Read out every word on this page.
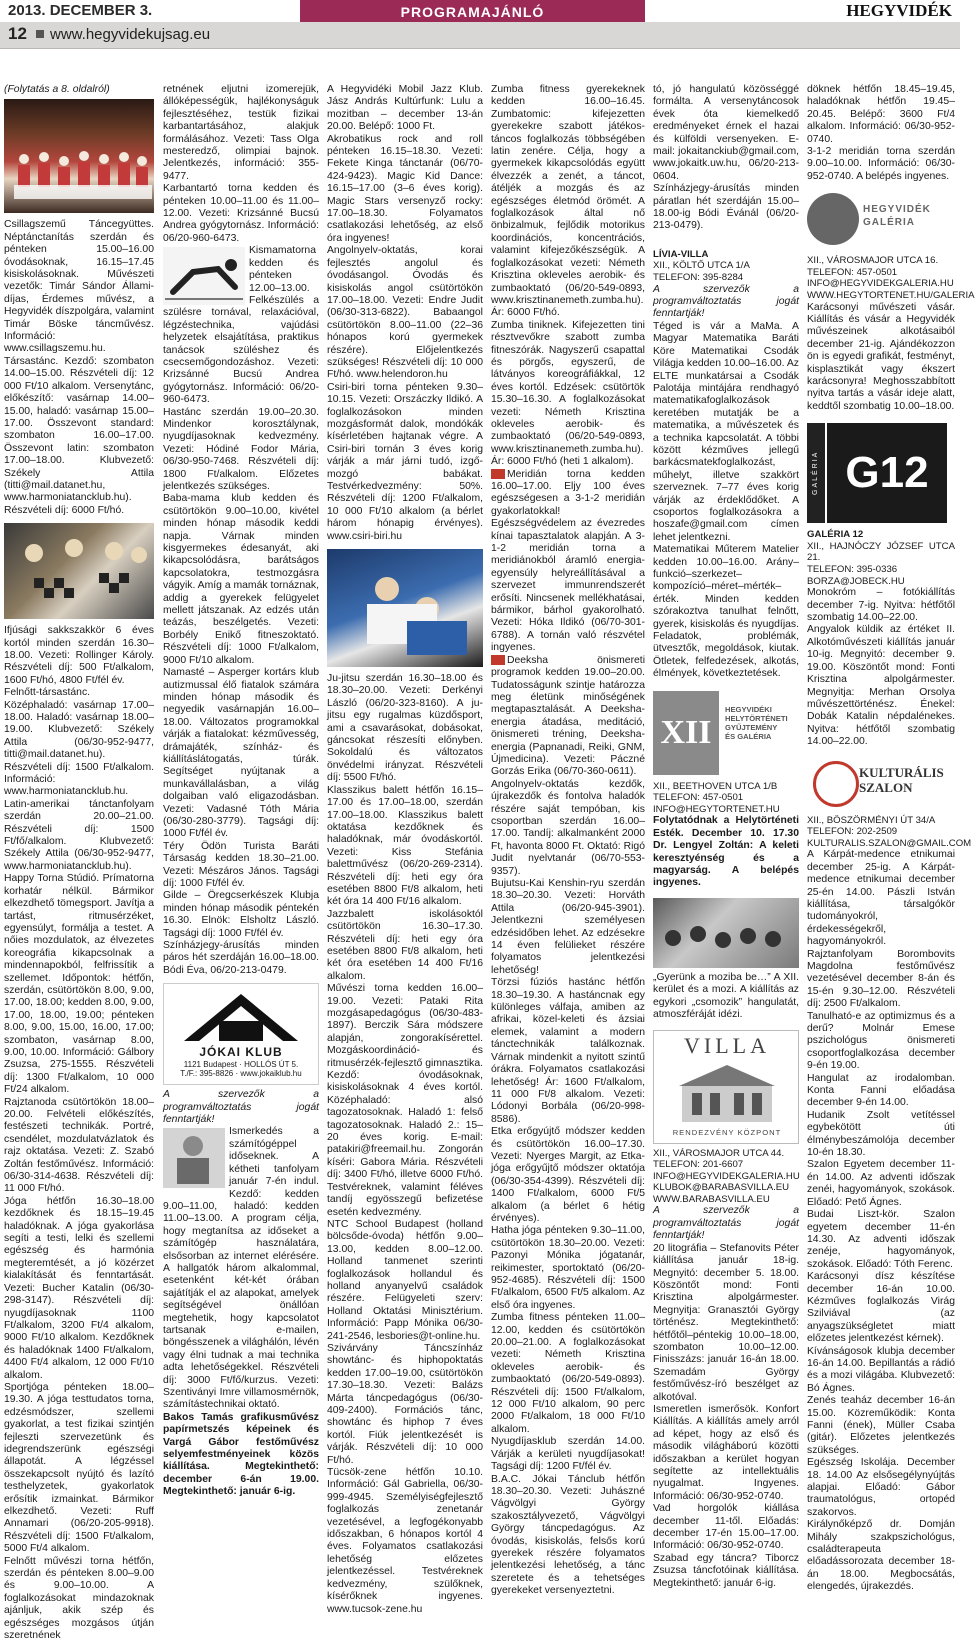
2013. DECEMBER 3.	PROGRAMAJÁNLÓ	HEGYVIDÉK
12 www.hegyvidekujsag.eu

(Folytatás a 8. oldalról)

Csillagszemű Táncegyüttes. Néptánctanítás szerdán és pénteken 15.00–16.00 óvodásoknak, 16.15–17.45 kisiskolásoknak. Művészeti vezetők: Timár Sándor Állami-díjas, Érdemes művész, a Hegyvidék díszpolgára, valamint Timár Böske táncművész. Információ: www.csillagszemu.hu.

Társastánc. Kezdő: szombaton 14.00–15.00. Részvételi díj: 12 000 Ft/10 alkalom. Versenytánc, előkészítő: vasárnap 14.00–15.00, haladó: vasárnap 15.00–17.00. Összevont standard: szombaton 16.00–17.00. Összevont latin: szombaton 17.00–18.00. Klubvezető: Székely Attila (titti@mail.datanet.hu, www.harmoniatancklub.hu). Részvételi díj: 6000 Ft/hó.

Ifjúsági sakkszakkör 6 éves kortól minden szerdán 16.30–18.00. Vezeti: Rollinger Károly. Részvételi díj: 500 Ft/alkalom, 1600 Ft/hó, 4800 Ft/fél év.

Felnőtt-társastánc. Középhaladó: vasárnap 17.00–18.00. Haladó: vasárnap 18.00–19.00. Klubvezető: Székely Attila (06/30-952-9477, titti@mail.datanet.hu). Részvételi díj: 1500 Ft/alkalom. Információ: www.harmoniatancklub.hu.

Latin-amerikai tánctanfolyam szerdán 20.00–21.00. Részvételi díj: 1500 Ft/fő/alkalom. Klubvezető: Székely Attila (06/30-952-9477, www.harmoniatancklub.hu).

Happy Torna Stúdió. Prímatorna korhatár nélkül. Bármikor elkezdhető tömegsport. Javítja a tartást, ritmusérzéket, egyensúlyt, formálja a testet. A nőies mozdulatok, az élvezetes koreográfia kikapcsolnak a mindennapokból, felfrissítik a szellemet. Időpontok: hétfőn, szerdán, csütörtökön 8.00, 9.00, 17.00, 18.00; kedden 8.00, 9.00, 17.00, 18.00, 19.00; pénteken 8.00, 9.00, 15.00, 16.00, 17.00; szombaton, vasárnap 8.00, 9.00, 10.00. Információ: Gálbory Zsuzsa, 275-1555. Részvételi díj: 1300 Ft/alkalom, 10 000 Ft/24 alkalom.

Rajztanoda csütörtökön 18.00–20.00. Felvételi előkészítés, festészeti technikák. Portré, csendélet, mozdulatvázlatok és rajz oktatása. Vezeti: Z. Szabó Zoltán festőművész. Információ: 06/30-314-4638. Részvételi díj: 11 000 Ft/hó.

Jóga hétfőn 16.30–18.00 kezdőknek és 18.15–19.45 haladóknak. A jóga gyakorlása segíti a testi, lelki és szellemi egészség és harmónia megteremtését, a jó közérzet kialakítását és fenntartását. Vezeti: Bucher Katalin (06/30-298-3147). Részvételi díj: nyugdíjasoknak 1100 Ft/alkalom, 3200 Ft/4 alkalom, 9000 Ft/10 alkalom. Kezdőknek és haladóknak 1400 Ft/alkalom, 4400 Ft/4 alkalom, 12 000 Ft/10 alkalom.

Sportjóga pénteken 18.00–19.30. A jóga testtudatos torna, edzésmódszer, szellemi gyakorlat, a test fizikai szintjén fejleszti szervezetünk és idegrendszerünk egészségi állapotát. A légzéssel összekapcsolt nyújtó és lazító testhelyzetek, gyakorlatok erősítik izmainkat. Bármikor elkezdhető. Vezeti: Ruff Annamari (06/20-205-9918). Részvételi díj: 1500 Ft/alkalom, 5000 Ft/4 alkalom.

Felnőtt művészi torna hétfőn, szerdán és pénteken 8.00–9.00 és 9.00–10.00. A foglalkozásokat mindazoknak ajánljuk, akik szép és egészséges mozgásos útján szeretnének

retnének eljutni izomerejük, állóképességük, hajlékonyságuk fejlesztéséhez, testük fizikai karbantartásához, alakjuk formálásához. Vezeti: Tass Olga mesteredző, olimpiai bajnok. Jelentkezés, információ: 355-9477.

Karbantartó torna kedden és pénteken 10.00–11.00 és 11.00–12.00. Vezeti: Krizsánné Bucsú Andrea gyógytornász. Információ: 06/20-960-6473.

Kismamatorna kedden és pénteken 12.00–13.00. Felkészülés a szülésre tornával, relaxációval, légzéstechnika, vajúdási helyzetek elsajátítása, praktikus tanácsok szüléshez és csecsemőgondozáshoz. Vezeti: Krizsánné Bucsú Andrea gyógytornász. Információ: 06/20-960-6473.

Hastánc szerdán 19.00–20.30. Mindenkor korosztálynak, nyugdíjasoknak kedvezmény. Vezeti: Hódiné Fodor Mária, 06/30-950-7468. Részvételi díj: 1800 Ft/alkalom. Előzetes jelentkezés szükséges.

Baba-mama klub kedden és csütörtökön 9.00–10.00, kivétel minden hónap második keddi napja. Várnak minden kisgyermekes édesanyát, aki kikapcsolódásra, barátságos kapcsolatokra, testmozgásra vágyik. Amíg a mamák tornáznak, addig a gyerekek felügyelet mellett játszanak. Az edzés után teázás, beszélgetés. Vezeti: Borbély Enikő fitneszoktató. Részvételi díj: 1000 Ft/alkalom, 9000 Ft/10 alkalom.

Namasté – Asperger kortárs klub autizmussal élő fiatalok számára minden hónap második és negyedik vasárnapján 16.00–18.00. Változatos programokkal várják a fiatalokat: kézművesség, drámajáték, színház- és kiállításlátogatás, túrák. Segítséget nyújtanak a munkavállalásban, a világ dolgaiban való eligazodásban. Vezeti: Vadasné Tóth Mária (06/30-280-3779). Tagsági díj: 1000 Ft/fél év.

Téry Ödön Turista Baráti Társaság kedden 18.30–21.00. Vezeti: Mészáros János. Tagsági díj: 1000 Ft/fél év.

Gilde – Öregcserkészek Klubja minden hónap második péntekén 16.30. Elnök: Elsholtz László. Tagsági díj: 1000 Ft/fél év.

Színházjegy-árusítás minden páros hét szerdáján 16.00–18.00. Bódi Éva, 06/20-213-0479.

JÓKAI KLUB
1121 Budapest · HOLLÓS ÚT 5.
T./F.: 395-8826 · www.jokaiklub.hu

A szervezők a programváltoztatás jogát fenntartják!

Ismerkedés a számítógéppel időseknek. A kétheti tanfolyam január 7-én indul. Kezdő: kedden 9.00–11.00, haladó: kedden 11.00–13.00. A program célja, hogy megtanítsa az időseket a számítógép használatára, elsősorban az internet elérésére. A hallgatók három alkalommal, esetenként két-két órában sajátítják el az alapokat, amelyek segítségével önállóan megtehetik, hogy kapcsolatot tartsanak e-mailen, böngésszenek a világhálón, lévén vagy élni tudnak a mai technika adta lehetőségekkel. Részvételi díj: 3000 Ft/fő/kurzus. Vezeti: Szentiványi Imre villamosmérnök, számítástechnikai oktató.

Bakos Tamás grafikusművész papírmetszés képeinek és Vargá Gábor festőművész selyemfestményeinek közös kiállítása. Megtekinthető: december 6-án 19.00. Megtekinthető: január 6-ig.

A Hegyvidéki Mobil Jazz Klub. Jász András Kultúrfunk: Lulu a mozitban – december 13-án 20.00. Belépő: 1000 Ft.

Akrobatikus rock and roll pénteken 16.15–18.30. Vezeti: Fekete Kinga tánctanár (06/70-424-9423). Magic Kid Dance: 16.15–17.00 (3–6 éves korig). Magic Stars versenyző rocky: 17.00–18.30. Folyamatos csatlakozási lehetőség, az első óra ingyenes!

Angolnyelv-oktatás, korai fejlesztés angolul és óvodásangol. Óvodás és kisiskolás angol csütörtökön 17.00–18.00. Vezeti: Endre Judit (06/30-313-6822). Babaangol csütörtökön 8.00–11.00 (22–36 hónapos korú gyermekek részére). Előjelentkezés szükséges! Részvételi díj: 10 000 Ft/hó. www.helendoron.hu

Csiri-biri torna pénteken 9.30–10.15. Vezeti: Orszáczky Ildikó. A foglalkozásokon minden mozgásformát dalok, mondókák kísérletében hajtanak végre. A Csiri-biri tornán 3 éves korig várják a már járni tudó, izgő-mozgó babákat. Testvérkedvezmény: 50%. Részvételi díj: 1200 Ft/alkalom, 10 000 Ft/10 alkalom (a bérlet három hónapig érvényes). www.csiri-biri.hu

Ju-jitsu szerdán 16.30–18.00 és 18.30–20.00. Vezeti: Derkényi László (06/20-323-8160). A ju-jitsu egy rugalmas küzdősport, ami a csavarásokat, dobásokat, gáncsokat részesíti előnyben. Sokoldalú és változatos önvédelmi irányzat. Részvételi díj: 5500 Ft/hó.

Klasszikus balett hétfőn 16.15–17.00 és 17.00–18.00, szerdán 17.00–18.00. Klasszikus balett oktatása kezdőknek és haladóknak, már óvodáskortól. Vezeti: Kiss Stefánia balettművész (06/20-269-2314). Részvételi díj: heti egy óra esetében 8800 Ft/8 alkalom, heti két óra 14 400 Ft/16 alkalom.

Jazzbalett iskolásoktól csütörtökön 16.30–17.30. Részvételi díj: heti egy óra esetében 8800 Ft/8 alkalom, heti két óra esetében 14 400 Ft/16 alkalom.

Művészi torna kedden 16.00–19.00. Vezeti: Pataki Rita mozgásapedagógus (06/30-483-1897). Berczik Sára módszere alapján, zongorakísérettel. Mozgáskoordináció- és ritmusérzék-fejlesztő gimnasztika. Kezdő: óvodásoknak, kisiskolásoknak 4 éves kortól. Középhaladó: alsó tagozatosoknak. Haladó 1: felső tagozatosoknak. Haladó 2.: 15–20 éves korig. E-mail: patakiri@freemail.hu. Zongorán kíséri: Gabora Mária. Részvételi díj: 3400 Ft/hó, illetve 6000 Ft/hó. Testvéreknek, valamint féléves tandíj egyösszegű befizetése esetén kedvezmény.

NTC School Budapest (holland bölcsőde-óvoda) hétfőn 9.00–13.00, kedden 8.00–12.00. Holland tanmenet szerinti foglalkozások hollandul és holland anyanyelvű családok részére. Felügyeleti szerv: Holland Oktatási Minisztérium. Információ: Papp Mónika 06/30-241-2546, lesbories@t-online.hu.

Szivárvány Táncszínház showtánc- és hiphopoktatás kedden 17.00–19.00, csütörtökön 17.30–18.30. Vezeti: Balázs Márta táncpedagógus (06/30-409-2400). Formációs tánc, showtánc és hiphop 7 éves kortól. Fiúk jelentkezését is várják. Részvételi díj: 10 000 Ft/hó.

Tücsök-zene hétfőn 10.10. Információ: Gál Gabriella, 06/30-999-4945. Személyiségfejlesztő foglalkozás zenetanár vezetésével, a legfogékonyabb időszakban, 6 hónapos kortól 4 éves. Folyamatos csatlakozási lehetőség előzetes jelentkezéssel. Testvéreknek kedvezmény, szülőknek, kísérőknek ingyenes. www.tucsok-zene.hu

Zumba fitness gyerekeknek kedden 16.00–16.45. Zumbatomic: kifejezetten gyerekekre szabott játékos-táncos foglalkozás többségében latin zenére. Célja, hogy a gyermekek kikapcsolódás együtt élvezzék a zenét, a táncot, átéljék a mozgás és az egészséges életmód örömét. A foglalkozások által nő önbizalmuk, fejlődik motorikus koordinációs, koncentrációs, valamint kifejezőkészségük. A foglalkozásokat vezeti: Németh Krisztina okleveles aerobik- és zumbaoktató (06/20-549-0893, www.krisztinanemeth.zumba.hu). Ár: 6000 Ft/hó.

Zumba tiniknek. Kifejezetten tini résztvevőkre szabott zumba fitneszórák. Nagyszerű csapattal és pörgős, egyszerű, de látványos koreográfiákkal, 12 éves kortól. Edzések: csütörtök 15.30–16.30. A foglalkozásokat vezeti: Németh Krisztina okleveles aerobik- és zumbaoktató (06/20-549-0893, www.krisztinanemeth.zumba.hu). Ár: 6000 Ft/hó (heti 1 alkalom).

Meridián torna kedden 16.00–17.00. Eljy 100 éves egészségesen a 3-1-2 meridián gyakorlatokkal! Egészségvédelem az évezredes kínai tapasztalatok alapján. A 3-1-2 meridián torna a meridiánokból áramló energia-egyensúly helyreállításával a szervezet immunrendszerét erősíti. Nincsenek mellékhatásai, bármikor, bárhol gyakorolható. Vezeti: Hóka Ildikó (06/70-301-6788). A tornán való részvétel ingyenes.

Deeksha önismereti programok kedden 19.00–20.00. Tudatosságunk szintje határozza meg életünk minőségének megtapasztalását. A Deeksha-energia átadása, meditáció, önismereti tréning, Deeksha-energia (Papnanadi, Reiki, GNM, Újmedicina). Vezeti: Páczné Gorzás Erika (06/70-360-0611).

Angolnyelv-oktatás kezdők, újrakezdők és fontolva haladók részére saját tempóban, kis csoportban szerdán 16.00–17.00. Tandíj: alkalmanként 2000 Ft, havonta 8000 Ft. Oktató: Rigó Judit nyelvtanár (06/70-553-9357).

Bujutsu-Kai Kenshin-ryu szerdán 18.30–20.30. Vezeti: Horváth Attila (06/20-945-3901). Jelentkezni személyesen edzésidőben lehet. Az edzésekre 14 éven felülieket részére folyamatos jelentkezési lehetőség!

Törzsi fúziós hastánc hétfőn 18.30–19.30. A hastáncnak egy különleges válfaja, amiben az afrikai, közel-keleti és ázsiai elemek, valamint a modern tánctechnikák találkoznak. Várnak mindenkit a nyitott szintű órákra. Folyamatos csatlakozási lehetőség! Ár: 1600 Ft/alkalom, 11 000 Ft/8 alkalom. Vezeti: Lódonyi Borbála (06/20-998-8586).

Etka erőgyújtő módszer kedden és csütörtökön 16.00–17.30. Vezeti: Nyerges Margit, az Etka-jóga erőgyűjtő módszer oktatója (06/30-354-4399). Részvételi díj: 1400 Ft/alkalom, 6000 Ft/5 alkalom (a bérlet 6 hétig érvényes).

Hatha jóga pénteken 9.30–11.00, csütörtökön 18.30–20.00. Vezeti: Pazonyi Mónika jógatanár, reikimester, sportoktató (06/20-952-4685). Részvételi díj: 1500 Ft/alkalom, 6500 Ft/5 alkalom. Az első óra ingyenes.

Zumba fitness pénteken 11.00–12.00, kedden és csütörtökön 20.00–21.00. A foglalkozásokat vezeti: Németh Krisztina okleveles aerobik- és zumbaoktató (06/20-549-0893). Részvételi díj: 1500 Ft/alkalom, 12 000 Ft/10 alkalom, 90 perc 2000 Ft/alkalom, 18 000 Ft/10 alkalom.

Nyugdíjasklub szerdán 14.00. Várják a kerületi nyugdíjasokat! Tagsági díj: 1200 Ft/fél év.

B.A.C. Jókai Tánclub hétfőn 18.30–20.30. Vezeti: Juhászné Vágvölgyi György szakosztályvezető, Vágvölgyi György táncpedagógus. Az óvodás, kisiskolás, felsős korú gyerekek részére folyamatos jelentkezési lehetőség, a tánc szeretete és a tehetséges gyerekeket versenyeztetni.

tó, jó hangulatú közösséggé formálta. A versenytáncosok évek óta kiemelkedő eredményeket érnek el hazai és külföldi versenyeken. E-mail: jokaitanckiub@gmail.com, www.jokaitk.uw.hu, 06/20-213-0604.

Színházjegy-árusítás minden páratlan hét szerdáján 15.00–18.00-ig Bódi Évánál (06/20-213-0479).

LÍVIA-VILLA
XII., KÖLTŐ UTCA 1/A
TELEFON: 395-8284

A szervezők a programváltoztatás jogát fenntartják!

Téged is vár a MaMa. A Magyar Matematika Baráti Köre Matematikai Csodák Világja kedden 10.00–16.00. Az ELTE munkatársai a Csodák Palotája mintájára rendhagyó matematikafoglalkozások keretében mutatják be a matematika, a művészetek és a technika kapcsolatát. A többi között kézműves jellegű barkácsmatekfoglalkozást, műhelyt, illetve szakkört szerveznek. 7–77 éves korig várják az érdeklődőket. A csoportos foglalkozásokra a hoszafe@gmail.com címen lehet jelentkezni.

Matematikai Műterem Matelier kedden 10.00–16.00. Arány–funkció–szerkezet–kompozíció–méret–mérték–érték. Minden kedden szórakoztva tanulhat felnőtt, gyerek, kisiskolás és nyugdíjas. Feladatok, problémák, ütvesztők, megoldások, kiutak. Ötletek, felfedezések, alkotás, élmények, következtetések.

XII
HEGYVIDÉKI
HELYTÖRTÉNETI
GYŰJTEMÉNY
ÉS GALÉRIA
XII., BEETHOVEN UTCA 1/B
TELEFON: 457-0501
INFO@HEGYTORTENET.HU

Folytatódnak a Helytörténeti Esték. December 10. 17.30 Dr. Lengyel Zoltán: A keleti keresztyénség és a magyarság. A belépés ingyenes.

„Gyerünk a moziba be…” A XII. kerület és a mozi. A kiállítás az egykori „csomozik” hangulatát, atmoszféráját idézi.

VILLA
RENDEZVÉNY KÖZPONT
XII., VÁROSMAJOR UTCA 44.
TELEFON: 201-6607
INFO@HEGYVIDEKGALERIA.HU
KLUBOK@BARABASVILLA.EU
WWW.BARABASVILLA.EU

A szervezők a programváltoztatás jogát fenntartják!

20 litográfia – Stefanovits Péter kiállítása január 18-ig. Megnyitó: december 5. 18.00. Köszöntőt mond: Fonti Krisztina alpolgármester. Megnyitja: Granasztói György történész. Megtekinthető: hétfőtől–péntekig 10.00–18.00, szombaton 10.00–12.00. Finisszázs: január 16-án 18.00. Szemadám György festőművész-író beszélget az alkotóval.

Ismeretlen ismerősök. Konfort Kiállítás. A kiállítás amely arról ad képet, hogy az első és második világháború közötti időszakban a kerület hogyan segítette az intellektuális nyugalmat. Ingyenes. Információ: 06/30-952-0740.

Vad horgolók kiállása december 11-től. Előadás: december 17-én 15.00–17.00. Információ: 06/30-952-0740.

Szabad egy táncra? Tiborcz Zsuzsa táncfotóinak kiállítása. Megtekinthető: január 6-ig.

döknek hétfőn 18.45–19.45, haladóknak hétfőn 19.45–20.45. Belépő: 3600 Ft/4 alkalom. Információ: 06/30-952-0740.

3-1-2 meridián torna szerdán 9.00–10.00. Információ: 06/30-952-0740. A belépés ingyenes.

HEGYVIDÉK GALÉRIA
XII., VÁROSMAJOR UTCA 16.
TELEFON: 457-0501
INFO@HEGYVIDEKGALERIA.HU
WWW.HEGYTORTENET.HU/GALERIA

Karácsonyi művészeti vásár. Kiállítás és vásár a Hegyvidék művészeinek alkotásaiból december 21-ig. Ajándékozzon ön is egyedi grafikát, festményt, kisplasztikát vagy ékszert karácsonyra! Meghosszabbított nyitva tartás a vásár ideje alatt, keddtől szombatig 10.00–18.00.

GALÉRIA G12
GALÉRIA 12
XII., HAJNÓCZY JÓZSEF UTCA 21.
TELEFON: 395-0336
BORZA@JOBECK.HU

Monokróm – fotókiállítás december 7-ig. Nyitva: hétfőtől szombatig 14.00–22.00.

Angyalok küldik az értéket II. Alkotóművészeti kiállítás január 10-ig. Megnyitó: december 9. 19.00. Köszöntőt mond: Fonti Krisztina alpolgármester. Megnyitja: Merhan Orsolya művészettörténész. Énekel: Dobák Katalin népdalénekes. Nyitva: hétfőtől szombatig 14.00–22.00.

KULTURÁLIS
SZALON
XII., BÖSZÖRMÉNYI ÚT 34/A
TELEFON: 202-2509
KULTURALIS.SZALON@GMAIL.COM

A Kárpát-medence etnikumai december 25-ig. A Kárpát-medence etnikumai december 25-én 14.00. Pászli István kiállítása, társalgókör tudományokról, érdekességekről, hagyományokról.

Rajztanfolyam Borombovits Magdolna festőművész vezetésével december 8-án és 15-én 9.30–12.00. Részvételi díj: 2500 Ft/alkalom.

Tanulható-e az optimizmus és a derű? Molnár Emese pszichológus önismereti csoportfoglalkozása december 9-én 19.00.

Hangulat az irodalomban. Konta Fanni előadása december 9-én 14.00.

Hudanik Zsolt vetítéssel egybekötött úti élménybeszámolója december 10-én 18.30.

Szalon Egyetem december 11-én 14.00. Az adventi időszak zenéi, hagyományok, szokások. Előadó: Pető Ágnes.

Budai Liszt-kör. Szalon egyetem december 11-én 14.30. Az adventi időszak zenéje, hagyományok, szokások. Előadó: Tóth Ferenc.

Karácsonyi dísz készítése december 16-án 10.00. Kézműves foglalkozás Virág Szilviával (az anyagszükségletet miatt előzetes jelentkezést kérnek).

Kívánságosok klubja december 16-án 14.00. Bepillantás a rádió és a mozi világába. Klubvezető: Bó Ágnes.

Zenés teaház december 16-án 15.00. Közreműködik: Konta Fanni (ének), Müller Csaba (gitár). Előzetes jelentkezés szükséges.

Egészség Iskolája. December 18. 14.00 Az elsősegélynyújtás alapjai. Előadó: Gábor traumatológus, ortopéd szakorvos.

Királynőképző dr. Domján Mihály szakpszichológus, családterapeuta előadássorozata december 18-án 18.00. Megbocsátás, elengedés, újrakezdés.
